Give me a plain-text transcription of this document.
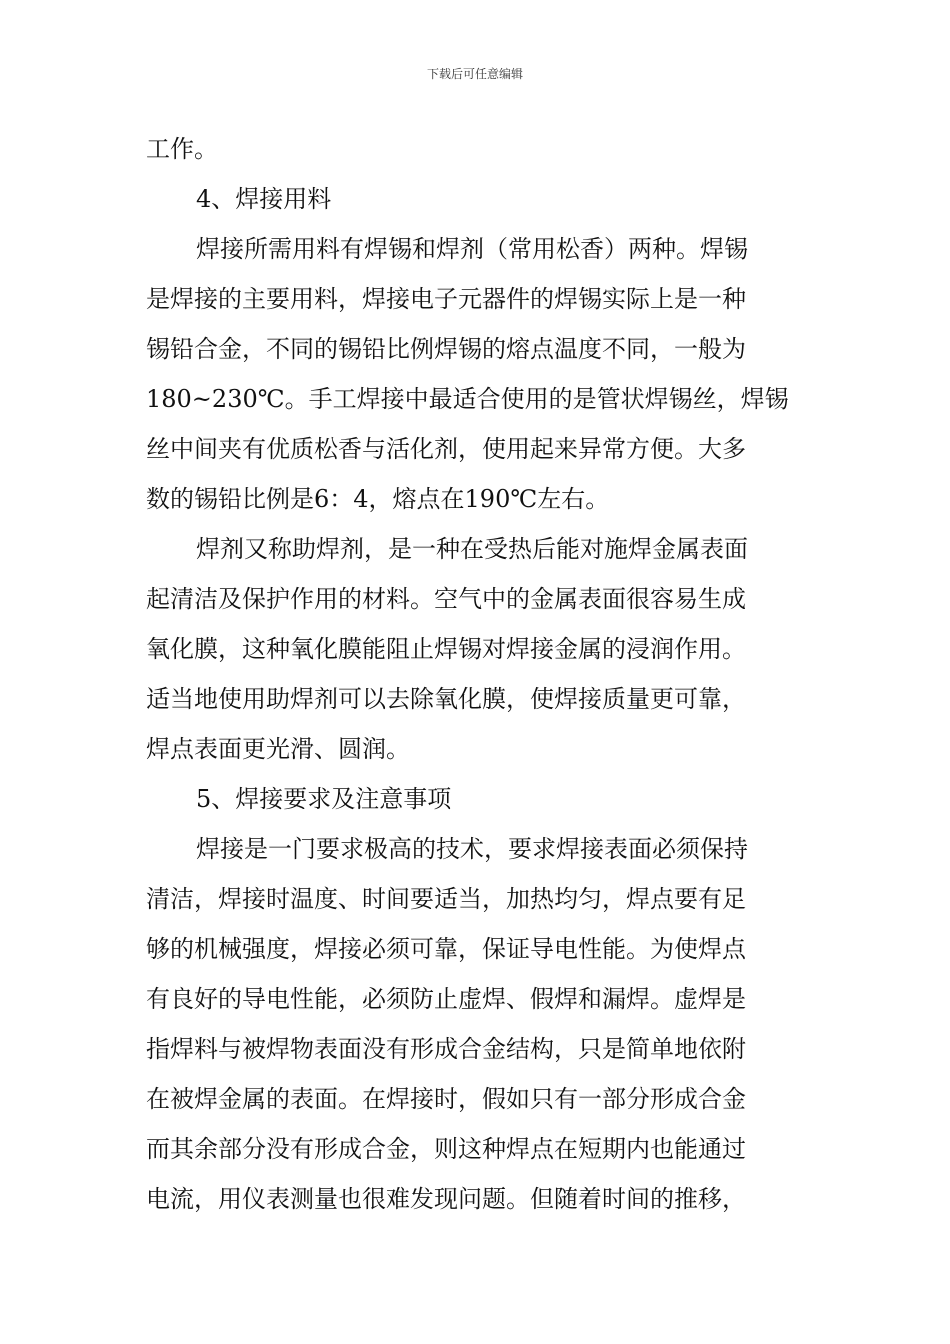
下载后可任意编辑
工作。
4、焊接用料
焊接所需用料有焊锡和焊剂（常用松香）两种。焊锡
是焊接的主要用料，焊接电子元器件的焊锡实际上是一种
锡铅合金，不同的锡铅比例焊锡的熔点温度不同，一般为
180~230℃。手工焊接中最适合使用的是管状焊锡丝，焊锡
丝中间夹有优质松香与活化剂，使用起来异常方便。大多
数的锡铅比例是6：4，熔点在190℃左右。
焊剂又称助焊剂，是一种在受热后能对施焊金属表面
起清洁及保护作用的材料。空气中的金属表面很容易生成
氧化膜，这种氧化膜能阻止焊锡对焊接金属的浸润作用。
适当地使用助焊剂可以去除氧化膜，使焊接质量更可靠，
焊点表面更光滑、圆润。
5、焊接要求及注意事项
焊接是一门要求极高的技术，要求焊接表面必须保持
清洁，焊接时温度、时间要适当，加热均匀，焊点要有足
够的机械强度，焊接必须可靠，保证导电性能。为使焊点
有良好的导电性能，必须防止虚焊、假焊和漏焊。虚焊是
指焊料与被焊物表面没有形成合金结构，只是简单地依附
在被焊金属的表面。在焊接时，假如只有一部分形成合金
而其余部分没有形成合金，则这种焊点在短期内也能通过
电流，用仪表测量也很难发现问题。但随着时间的推移，
